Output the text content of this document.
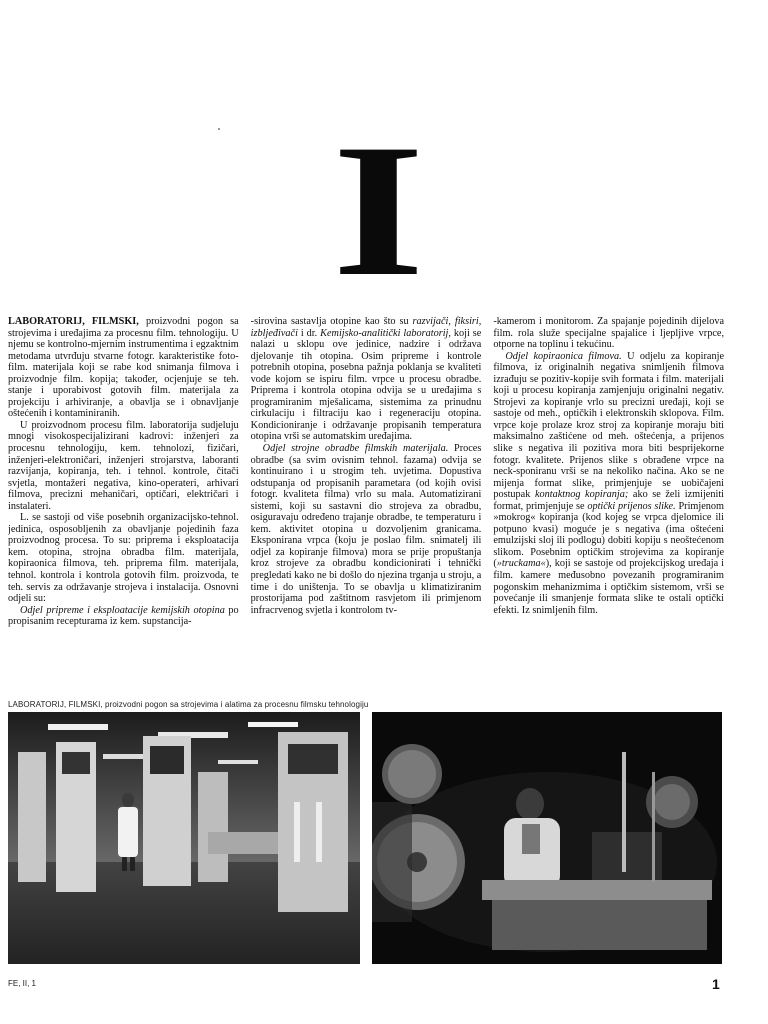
I

LABORATORIJ, FILMSKI, proizvodni pogon sa strojevima i uređajima za procesnu film. tehnologiju. U njemu se kontrolno-mjernim instrumentima i egzaktnim metodama utvrđuju stvarne fotogr. karakteristike foto-film. materijala koji se rabe kod snimanja filmova i proizvodnje film. kopija; također, ocjenjuje se teh. stanje i uporabivost gotovih film. materijala za projekciju i arhiviranje, a obavlja se i obnavljanje oštećenih i kontaminiranih.

U proizvodnom procesu film. laboratorija sudjeluju mnogi visokospecijalizirani kadrovi: inženjeri za procesnu tehnologiju, kem. tehnolozi, fizičari, inženjeri-elektroničari, inženjeri strojarstva, laboranti razvijanja, kopiranja, teh. i tehnol. kontrole, čitači svjetla, montažeri negativa, kino-operateri, arhivari filmova, precizni mehaničari, optičari, električari i instalateri.

L. se sastoji od više posebnih organizacijsko-tehnol. jedinica, osposobljenih za obavljanje pojedinih faza proizvodnog procesa. To su: priprema i eksploatacija kem. otopina, strojna obradba film. materijala, kopiraonica filmova, teh. priprema film. materijala, tehnol. kontrola i kontrola gotovih film. proizvoda, te teh. servis za održavanje strojeva i instalacija. Osnovni odjeli su:

Odjel pripreme i eksploatacije kemijskih otopina po propisanim recepturama iz kem. supstancija-

-sirovina sastavlja otopine kao što su razvijači, fiksiri, izbljeđivači i dr. Kemijsko-analitički laboratorij, koji se nalazi u sklopu ove jedinice, nadzire i održava djelovanje tih otopina. Osim pripreme i kontrole potrebnih otopina, posebna pažnja poklanja se kvaliteti vode kojom se ispiru film. vrpce u procesu obradbe. Priprema i kontrola otopina odvija se u uređajima s programiranim mješalicama, sistemima za prinudnu cirkulaciju i filtraciju kao i regeneraciju otopina. Kondicioniranje i održavanje propisanih temperatura otopina vrši se automatskim uređajima.

Odjel strojne obradbe filmskih materijala. Proces obradbe (sa svim ovisnim tehnol. fazama) odvija se kontinuirano i u strogim teh. uvjetima. Dopustiva odstupanja od propisanih parametara (od kojih ovisi fotogr. kvaliteta filma) vrlo su mala. Automatizirani sistemi, koji su sastavni dio strojeva za obradbu, osiguravaju određeno trajanje obradbe, te temperaturu i kem. aktivitet otopina u dozvoljenim granicama. Eksponirana vrpca (koju je poslao film. snimatelj ili odjel za kopiranje filmova) mora se prije propuštanja kroz strojeve za obradbu kondicionirati i tehnički pregledati kako ne bi došlo do njezina trganja u stroju, a time i do uništenja. To se obavlja u klimatiziranim prostorijama pod zaštitnom rasvjetom ili primjenom infracrvenog svjetla i kontrolom tv-

-kamerom i monitorom. Za spajanje pojedinih dijelova film. rola služe specijalne spajalice i ljepljive vrpce, otporne na toplinu i tekućinu.

Odjel kopiraonica filmova. U odjelu za kopiranje filmova, iz originalnih negativa snimljenih filmova izrađuju se pozitiv-kopije svih formata i film. materijali koji u procesu kopiranja zamjenjuju originalni negativ. Strojevi za kopiranje vrlo su precizni uređaji, koji se sastoje od meh., optičkih i elektronskih sklopova. Film. vrpce koje prolaze kroz stroj za kopiranje moraju biti maksimalno zaštićene od meh. oštećenja, a prijenos slike s negativa ili pozitiva mora biti besprijekorne fotogr. kvalitete. Prijenos slike s obrađene vrpce na neck-sponiranu vrši se na nekoliko načina. Ako se ne mijenja format slike, primjenjuje se uobičajeni postupak kontaktnog kopiranja; ako se želi izmijeniti format, primjenjuje se optički prijenos slike. Primjenom »mokrog« kopiranja (kod kojeg se vrpca djelomice ili potpuno kvasi) moguće je s negativa (ima oštećeni emulzijski sloj ili podlogu) dobiti kopiju s neoštećenom slikom. Posebnim optičkim strojevima za kopiranje (»truckama«), koji se sastoje od projekcijskog uređaja i film. kamere međusobno povezanih programiranim pogonskim mehanizmima i optičkim sistemom, vrši se povećanje ili smanjenje formata slike te ostali optički efekti. Iz snimljenih film.

LABORATORIJ, FILMSKI, proizvodni pogon sa strojevima i alatima za procesnu filmsku tehnologiju
FE, II, 1	1
